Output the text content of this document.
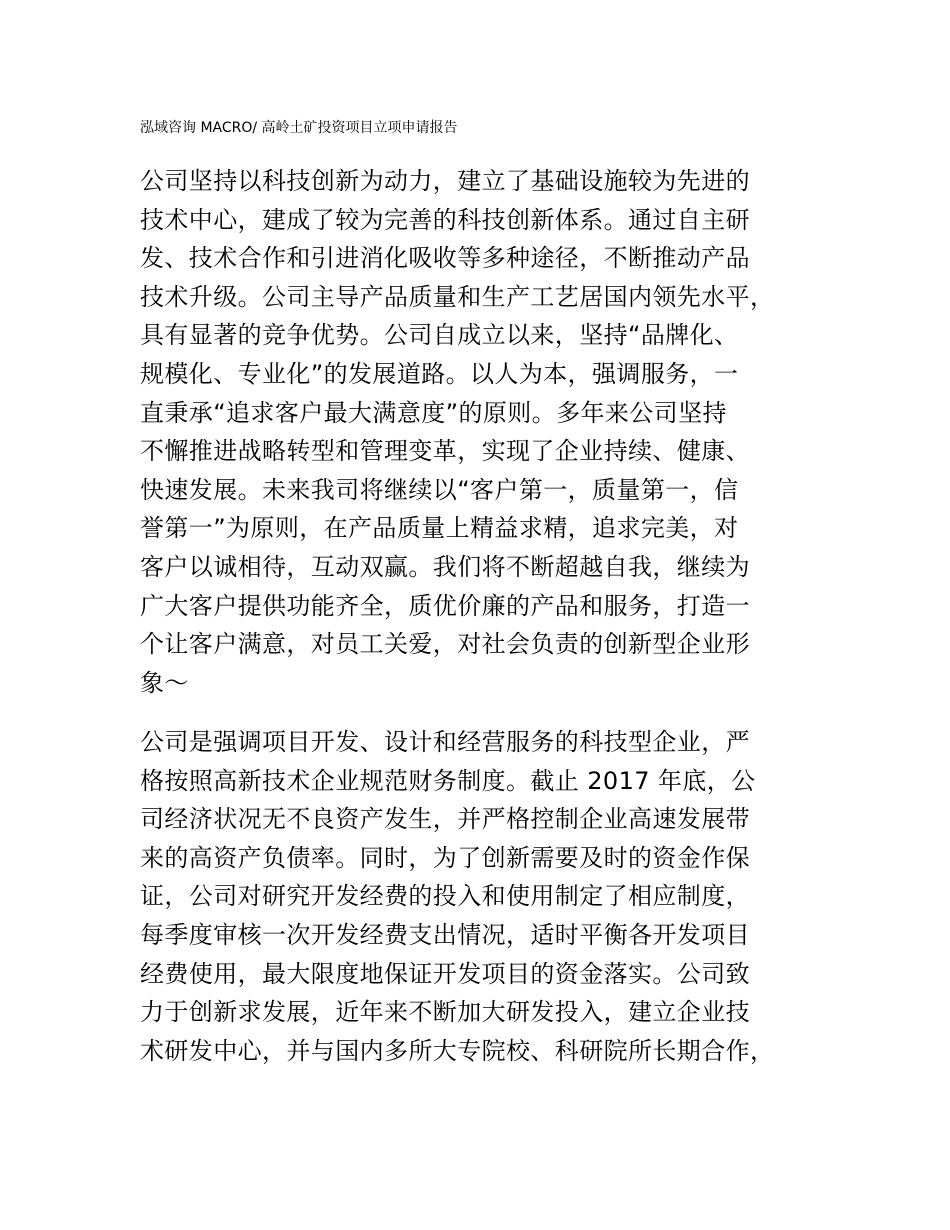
泓域咨询 MACRO/ 高岭土矿投资项目立项申请报告
公司坚持以科技创新为动力，建立了基础设施较为先进的
技术中心，建成了较为完善的科技创新体系。通过自主研
发、技术合作和引进消化吸收等多种途径，不断推动产品
技术升级。公司主导产品质量和生产工艺居国内领先水平，
具有显著的竞争优势。公司自成立以来，坚持“品牌化、
规模化、专业化”的发展道路。以人为本，强调服务，一
直秉承“追求客户最大满意度”的原则。多年来公司坚持
不懈推进战略转型和管理变革，实现了企业持续、健康、
快速发展。未来我司将继续以“客户第一，质量第一，信
誉第一”为原则，在产品质量上精益求精，追求完美，对
客户以诚相待，互动双赢。我们将不断超越自我，继续为
广大客户提供功能齐全，质优价廉的产品和服务，打造一
个让客户满意，对员工关爱，对社会负责的创新型企业形
象～
公司是强调项目开发、设计和经营服务的科技型企业，严
格按照高新技术企业规范财务制度。截止 2017 年底，公
司经济状况无不良资产发生，并严格控制企业高速发展带
来的高资产负债率。同时，为了创新需要及时的资金作保
证，公司对研究开发经费的投入和使用制定了相应制度，
每季度审核一次开发经费支出情况，适时平衡各开发项目
经费使用，最大限度地保证开发项目的资金落实。公司致
力于创新求发展，近年来不断加大研发投入，建立企业技
术研发中心，并与国内多所大专院校、科研院所长期合作，
